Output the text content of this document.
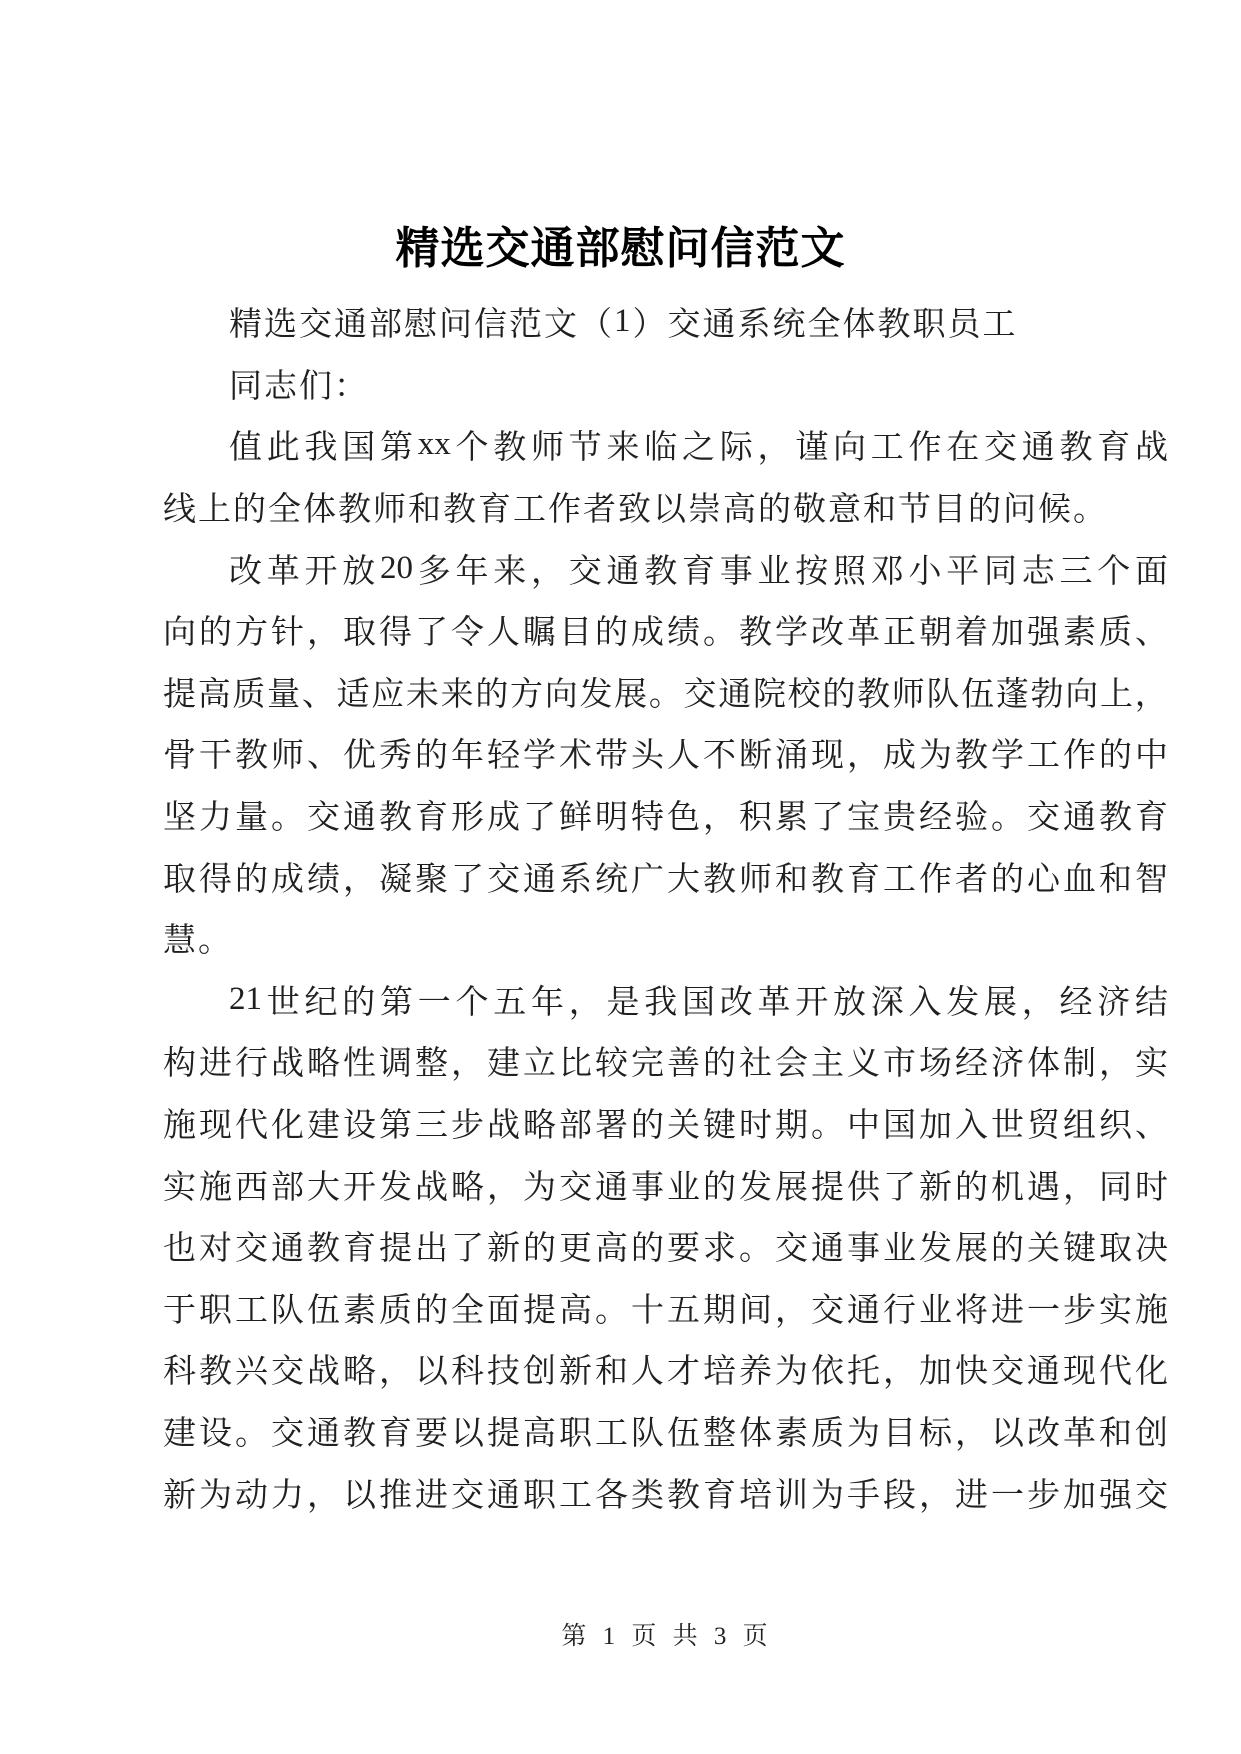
精选交通部慰问信范文
精 选 交 通 部 慰 问 信 范 文 （ 1 ） 交 通 系 统 全 体 教 职 员 工
同 志 们 ：
值 此 我 国 第 xx 个 教 师 节 来 临 之 际 ， 谨 向 工 作 在 交 通 教 育 战
线 上 的 全 体 教 师 和 教 育 工 作 者 致 以 崇 高 的 敬 意 和 节 目 的 问 候 。
改 革 开 放 20 多 年 来 ， 交 通 教 育 事 业 按 照 邓 小 平 同 志 三 个 面
向 的 方 针 ， 取 得 了 令 人 瞩 目 的 成 绩 。 教 学 改 革 正 朝 着 加 强 素 质 、
提 高 质 量 、 适 应 未 来 的 方 向 发 展 。 交 通 院 校 的 教 师 队 伍 蓬 勃 向 上 ，
骨 干 教 师 、 优 秀 的 年 轻 学 术 带 头 人 不 断 涌 现 ， 成 为 教 学 工 作 的 中
坚 力 量 。 交 通 教 育 形 成 了 鲜 明 特 色 ， 积 累 了 宝 贵 经 验 。 交 通 教 育
取 得 的 成 绩 ， 凝 聚 了 交 通 系 统 广 大 教 师 和 教 育 工 作 者 的 心 血 和 智
慧 。
21 世 纪 的 第 一 个 五 年 ， 是 我 国 改 革 开 放 深 入 发 展 ， 经 济 结
构 进 行 战 略 性 调 整 ， 建 立 比 较 完 善 的 社 会 主 义 市 场 经 济 体 制 ， 实
施 现 代 化 建 设 第 三 步 战 略 部 署 的 关 键 时 期 。 中 国 加 入 世 贸 组 织 、
实 施 西 部 大 开 发 战 略 ， 为 交 通 事 业 的 发 展 提 供 了 新 的 机 遇 ， 同 时
也 对 交 通 教 育 提 出 了 新 的 更 高 的 要 求 。 交 通 事 业 发 展 的 关 键 取 决
于 职 工 队 伍 素 质 的 全 面 提 高 。 十 五 期 间 ， 交 通 行 业 将 进 一 步 实 施
科 教 兴 交 战 略 ， 以 科 技 创 新 和 人 才 培 养 为 依 托 ， 加 快 交 通 现 代 化
建 设 。 交 通 教 育 要 以 提 高 职 工 队 伍 整 体 素 质 为 目 标 ， 以 改 革 和 创
新 为 动 力 ， 以 推 进 交 通 职 工 各 类 教 育 培 训 为 手 段 ， 进 一 步 加 强 交
第 1 页 共 3 页
